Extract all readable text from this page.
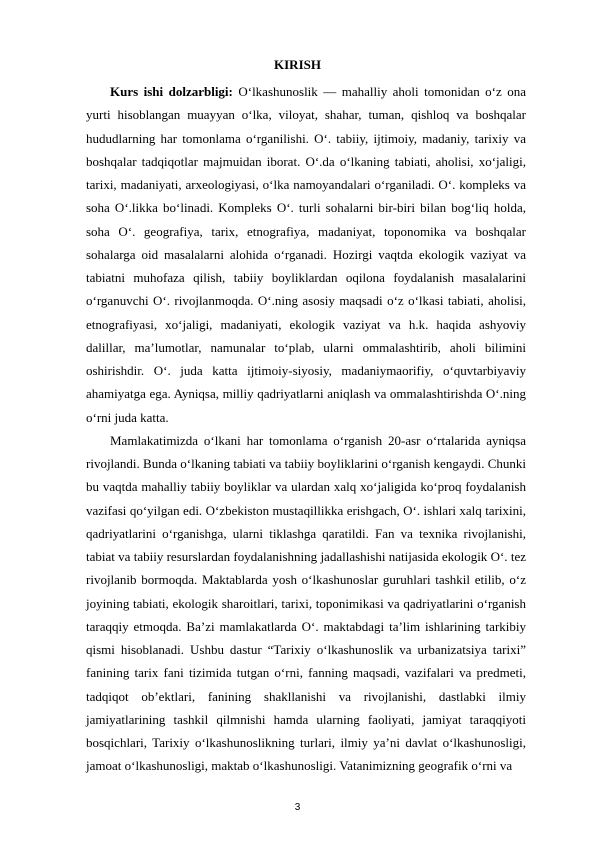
KIRISH

Kurs ishi dolzarbligi: O‘lkashunoslik — mahalliy aholi tomonidan o‘z ona yurti hisoblangan muayyan o‘lka, viloyat, shahar, tuman, qishloq va boshqalar hududlarning har tomonlama o‘rganilishi. O‘. tabiiy, ijtimoiy, madaniy, tarixiy va boshqalar tadqiqotlar majmuidan iborat. O‘.da o‘lkaning tabiati, aholisi, xo‘jaligi, tarixi, madaniyati, arxeologiyasi, o‘lka namoyandalari o‘rganiladi. O‘. kompleks va soha O‘.likka bo‘linadi. Kompleks O‘. turli sohalarni bir-biri bilan bog‘liq holda, soha O‘. geografiya, tarix, etnografiya, madaniyat, toponomika va boshqalar sohalarga oid masalalarni alohida o‘rganadi. Hozirgi vaqtda ekologik vaziyat va tabiatni muhofaza qilish, tabiiy boyliklardan oqilona foydalanish masalalarini o‘rganuvchi O‘. rivojlanmoqda. O‘.ning asosiy maqsadi o‘z o‘lkasi tabiati, aholisi, etnografiyasi, xo‘jaligi, madaniyati, ekologik vaziyat va h.k. haqida ashyoviy dalillar, ma’lumotlar, namunalar to‘plab, ularni ommalashtirib, aholi bilimini oshirishdir. O‘. juda katta ijtimoiy-siyosiy, madaniymaorifiy, o‘quvtarbiyaviy ahamiyatga ega. Ayniqsa, milliy qadriyatlarni aniqlash va ommalashtirishda O‘.ning o‘rni juda katta.

Mamlakatimizda o‘lkani har tomonlama o‘rganish 20-asr o‘rtalarida ayniqsa rivojlandi. Bunda o‘lkaning tabiati va tabiiy boyliklarini o‘rganish kengaydi. Chunki bu vaqtda mahalliy tabiiy boyliklar va ulardan xalq xo‘jaligida ko‘proq foydalanish vazifasi qo‘yilgan edi. O‘zbekiston mustaqillikka erishgach, O‘. ishlari xalq tarixini, qadriyatlarini o‘rganishga, ularni tiklashga qaratildi. Fan va texnika rivojlanishi, tabiat va tabiiy resurslardan foydalanishning jadallashishi natijasida ekologik O‘. tez rivojlanib bormoqda. Maktablarda yosh o‘lkashunoslar guruhlari tashkil etilib, o‘z joyining tabiati, ekologik sharoitlari, tarixi, toponimikasi va qadriyatlarini o‘rganish taraqqiy etmoqda. Ba’zi mamlakatlarda O‘. maktabdagi ta’lim ishlarining tarkibiy qismi hisoblanadi. Ushbu dastur “Tarixiy o‘lkashunoslik va urbanizatsiya tarixi” fanining tarix fani tizimida tutgan o‘rni, fanning maqsadi, vazifalari va predmeti, tadqiqot ob’ektlari, fanining shakllanishi va rivojlanishi, dastlabki ilmiy jamiyatlarining tashkil qilmnishi hamda ularning faoliyati, jamiyat taraqqiyoti bosqichlari, Tarixiy o‘lkashunoslikning turlari, ilmiy ya’ni davlat o‘lkashunosligi, jamoat o‘lkashunosligi, maktab o‘lkashunosligi. Vatanimizning geografik o‘rni va

3
